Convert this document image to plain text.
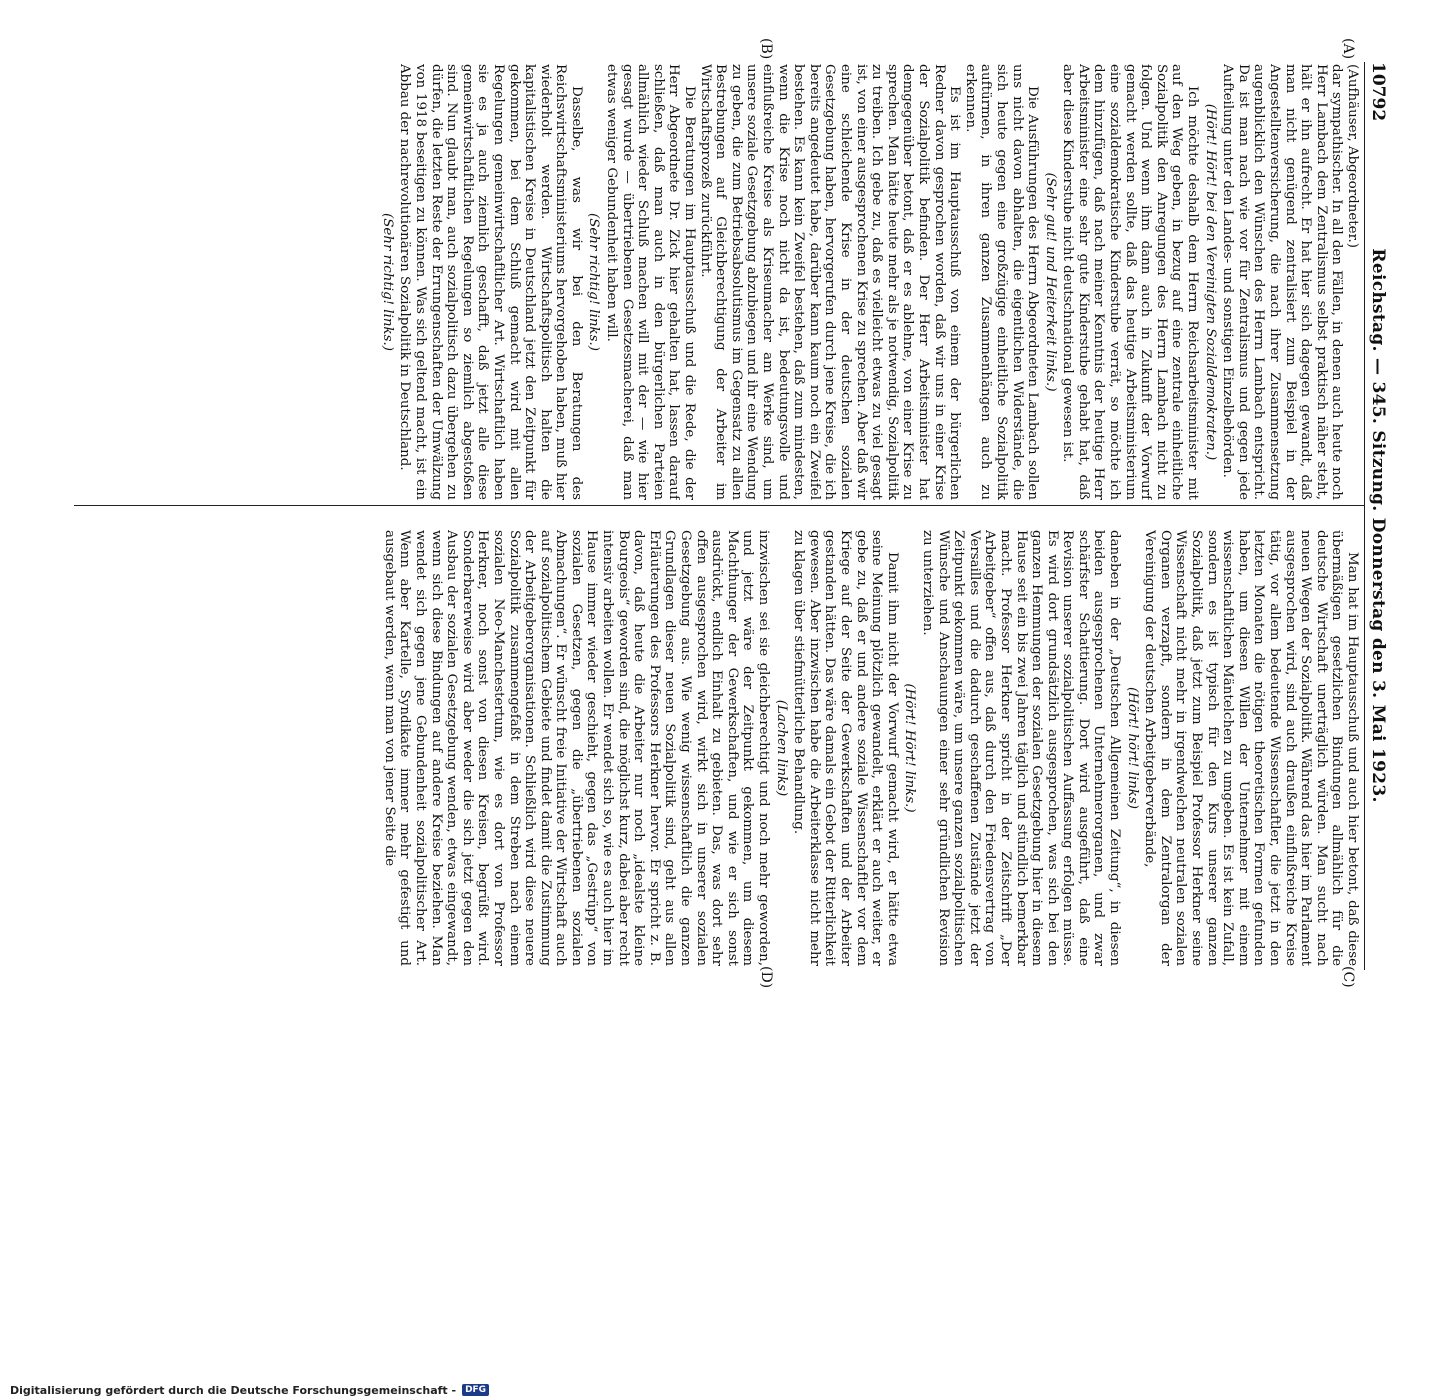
10792
Reichstag. — 345. Sitzung. Donnerstag den 3. Mai 1923.
(A)
(B)
(C)
(D)

(Aufhäuser, Abgeordneter.)

dar sympathischer. In all den Fällen, in denen auch heute noch Herr Lambach dem Zentralismus selbst praktisch näher steht, hält er ihn aufrecht. Er hat hier sich dagegen gewandt, daß man nicht genügend zentralisiert zum Beispiel in der Angestelltenversicherung, die nach ihrer Zusammensetzung augenblicklich den Wünschen des Herrn Lambach entspricht. Da ist man nach wie vor für Zentralismus und gegen jede Aufteilung unter den Landes- und sonstigen Einzelbehörden.

(Hört! Hört! bei den Vereinigten Sozialdemokraten.)

Ich möchte deshalb dem Herrn Reichsarbeitsminister mit auf den Weg geben, in bezug auf eine zentrale einheitliche Sozialpolitik den Anregungen des Herrn Lambach nicht zu folgen. Und wenn ihm dann auch in Zukunft der Vorwurf gemacht werden sollte, daß das heutige Arbeitsministerium eine sozialdemokratische Kinderstube verrät, so möchte ich dem hinzufügen, daß nach meiner Kenntnis der heutige Herr Arbeitsminister eine sehr gute Kinderstube gehabt hat, daß aber diese Kinderstube nicht deutschnational gewesen ist.

(Sehr gut! und Heiterkeit links.)

Die Ausführungen des Herrn Abgeordneten Lambach sollen uns nicht davon abhalten, die eigentlichen Widerstände, die sich heute gegen eine großzügige einheitliche Sozialpolitik auftürmen, in ihren ganzen Zusammenhängen auch zu erkennen.

Es ist im Hauptausschuß von einem der bürgerlichen Redner davon gesprochen worden, daß wir uns in einer Krise der Sozialpolitik befinden. Der Herr Arbeitsminister hat demgegenüber betont, daß er es ablehne, von einer Krise zu sprechen. Man hätte heute mehr als je notwendig, Sozialpolitik zu treiben. Ich gebe zu, daß es vielleicht etwas zu viel gesagt ist, von einer ausgesprochenen Krise zu sprechen. Aber daß wir eine schleichende Krise in der deutschen sozialen Gesetzgebung haben, hervorgerufen durch jene Kreise, die ich bereits angedeutet habe, darüber kann kaum noch ein Zweifel bestehen. Es kann kein Zweifel bestehen, daß zum mindesten, wenn die Krise noch nicht da ist, bedeutungsvolle und einflußreiche Kreise als Kriseumacher am Werke sind, um unsere soziale Gesetzgebung abzubiegen und ihr eine Wendung zu geben, die zum Betriebsabsolutismus im Gegensatz zu allen Bestrebungen auf Gleichberechtigung der Arbeiter im Wirtschaftsprozeß zurückführt.

Die Beratungen im Hauptausschuß und die Rede, die der Herr Abgeordnete Dr. Zick hier gehalten hat, lassen darauf schließen, daß man auch in den bürgerlichen Parteien allmählich wieder Schluß machen will mit der — wie hier gesagt wurde — übertriebenen Gesetzesmacherei, daß man etwas weniger Gebundenheit haben will.

(Sehr richtig! links.)

Dasselbe, was wir bei den Beratungen des Reichswirtschaftsministeriums hervorgehoben haben, muß hier wiederholt werden. Wirtschaftspolitisch halten die kapitalistischen Kreise in Deutschland jetzt den Zeitpunkt für gekommen, bei dem Schluß gemacht wird mit allen Regelungen gemeinwirtschaftlicher Art. Wirtschaftlich haben sie es ja auch ziemlich geschafft, daß jetzt alle diese gemeinwirtschaftlichen Regelungen so ziemlich abgestoßen sind. Nun glaubt man, auch sozialpolitisch dazu übergehen zu dürfen, die letzten Reste der Errungenschaften der Umwälzung von 1918 beseitigen zu können. Was sich geltend macht, ist ein Abbau der nachrevolutionären Sozialpolitik in Deutschland.

(Sehr richtig! links.)

Man hat im Hauptausschuß und auch hier betont, daß diese übermäßigen gesetzlichen Bindungen allmählich für die deutsche Wirtschaft unerträglich würden. Man sucht nach neuen Wegen der Sozialpolitik. Während das hier im Parlament ausgesprochen wird, sind auch draußen einflußreiche Kreise tätig, vor allem bedeutende Wissenschaftler, die jetzt in den letzten Monaten die nötigen theoretischen Formen gefunden haben, um diesen Willen der Unternehmer mit einem wissenschaftlichen Mäntelchen zu umgeben. Es ist kein Zufall, sondern es ist typisch für den Kurs unserer ganzen Sozialpolitik, daß jetzt zum Beispiel Professor Herkner seine Wissenschaft nicht mehr in irgendwelchen neutralen sozialen Organen verzapft, sondern in dem Zentralorgan der Vereinigung der deutschen Arbeitgeberverbände,

(Hört! hört! links)

daneben in der „Deutschen Allgemeinen Zeitung“, in diesen beiden ausgesprochenen Unternehmerorganen, und zwar schärfster Schattierung. Dort wird ausgeführt, daß eine Revision unserer sozialpolitischen Auffassung erfolgen müsse. Es wird dort grundsätzlich ausgesprochen, was sich bei den ganzen Hemmungen der sozialen Gesetzgebung hier in diesem Hause seit ein bis zwei Jahren täglich und stündlich bemerkbar macht. Professor Herkner spricht in der Zeitschrift „Der Arbeitgeber“ offen aus, daß durch den Friedensvertrag von Versailles und die dadurch geschaffenen Zustände jetzt der Zeitpunkt gekommen wäre, um unsere ganzen sozialpolitischen Wünsche und Anschauungen einer sehr gründlichen Revision zu unterziehen.

(Hört! Hört! links.)

Damit ihm nicht der Vorwurf gemacht wird, er hätte etwa seine Meinung plötzlich gewandelt, erklärt er auch weiter, er gebe zu, daß er und andere soziale Wissenschaftler vor dem Kriege auf der Seite der Gewerkschaften und der Arbeiter gestanden hätten. Das wäre damals ein Gebot der Ritterlichkeit gewesen. Aber inzwischen habe die Arbeiterklasse nicht mehr zu klagen über stiefmütterliche Behandlung.

(Lachen links)

inzwischen sei sie gleichberechtigt und noch mehr geworden, und jetzt wäre der Zeitpunkt gekommen, um diesem Machthunger der Gewerkschaften, und wie er sich sonst ausdrückt, endlich Einhalt zu gebieten. Das, was dort sehr offen ausgesprochen wird, wirkt sich in unserer sozialen Gesetzgebung aus. Wie wenig wissenschaftlich die ganzen Grundlagen dieser neuen Sozialpolitik sind, geht aus allen Erläuterungen des Professors Herkner hervor. Er spricht z. B. davon, daß heute die Arbeiter nur noch „idealste kleine Bourgeois“ geworden sind, die möglichst kurz, dabei aber recht intensiv arbeiten wollen. Er wendet sich so, wie es auch hier im Hause immer wieder geschieht, gegen das „Gestrüpp“ von sozialen Gesetzen, gegen die „übertriebenen sozialen Abmachungen“. Er wünscht freie Initiative der Wirtschaft auch auf sozialpolitischem Gebiete und findet damit die Zustimmung der Arbeitgeberorganisationen. Schließlich wird diese neuere Sozialpolitik zusammengefaßt in dem Streben nach einem sozialen Neo-Manchestertum, wie es dort von Professor Herkner, noch sonst von diesen Kreisen, begrüßt wird. Sonderbarerweise wird aber weder die sich jetzt gegen den Ausbau der sozialen Gesetzgebung wenden, etwas eingewandt, wenn sich diese Bindungen auf andere Kreise beziehen. Man wendet sich gegen jene Gebundenheit sozialpolitischer Art. Wenn aber Kartelle, Syndikate immer mehr gefestigt und ausgebaut werden, wenn man von jener Seite die

Digitalisierung gefördert durch die Deutsche Forschungsgemeinschaft -	DFG
